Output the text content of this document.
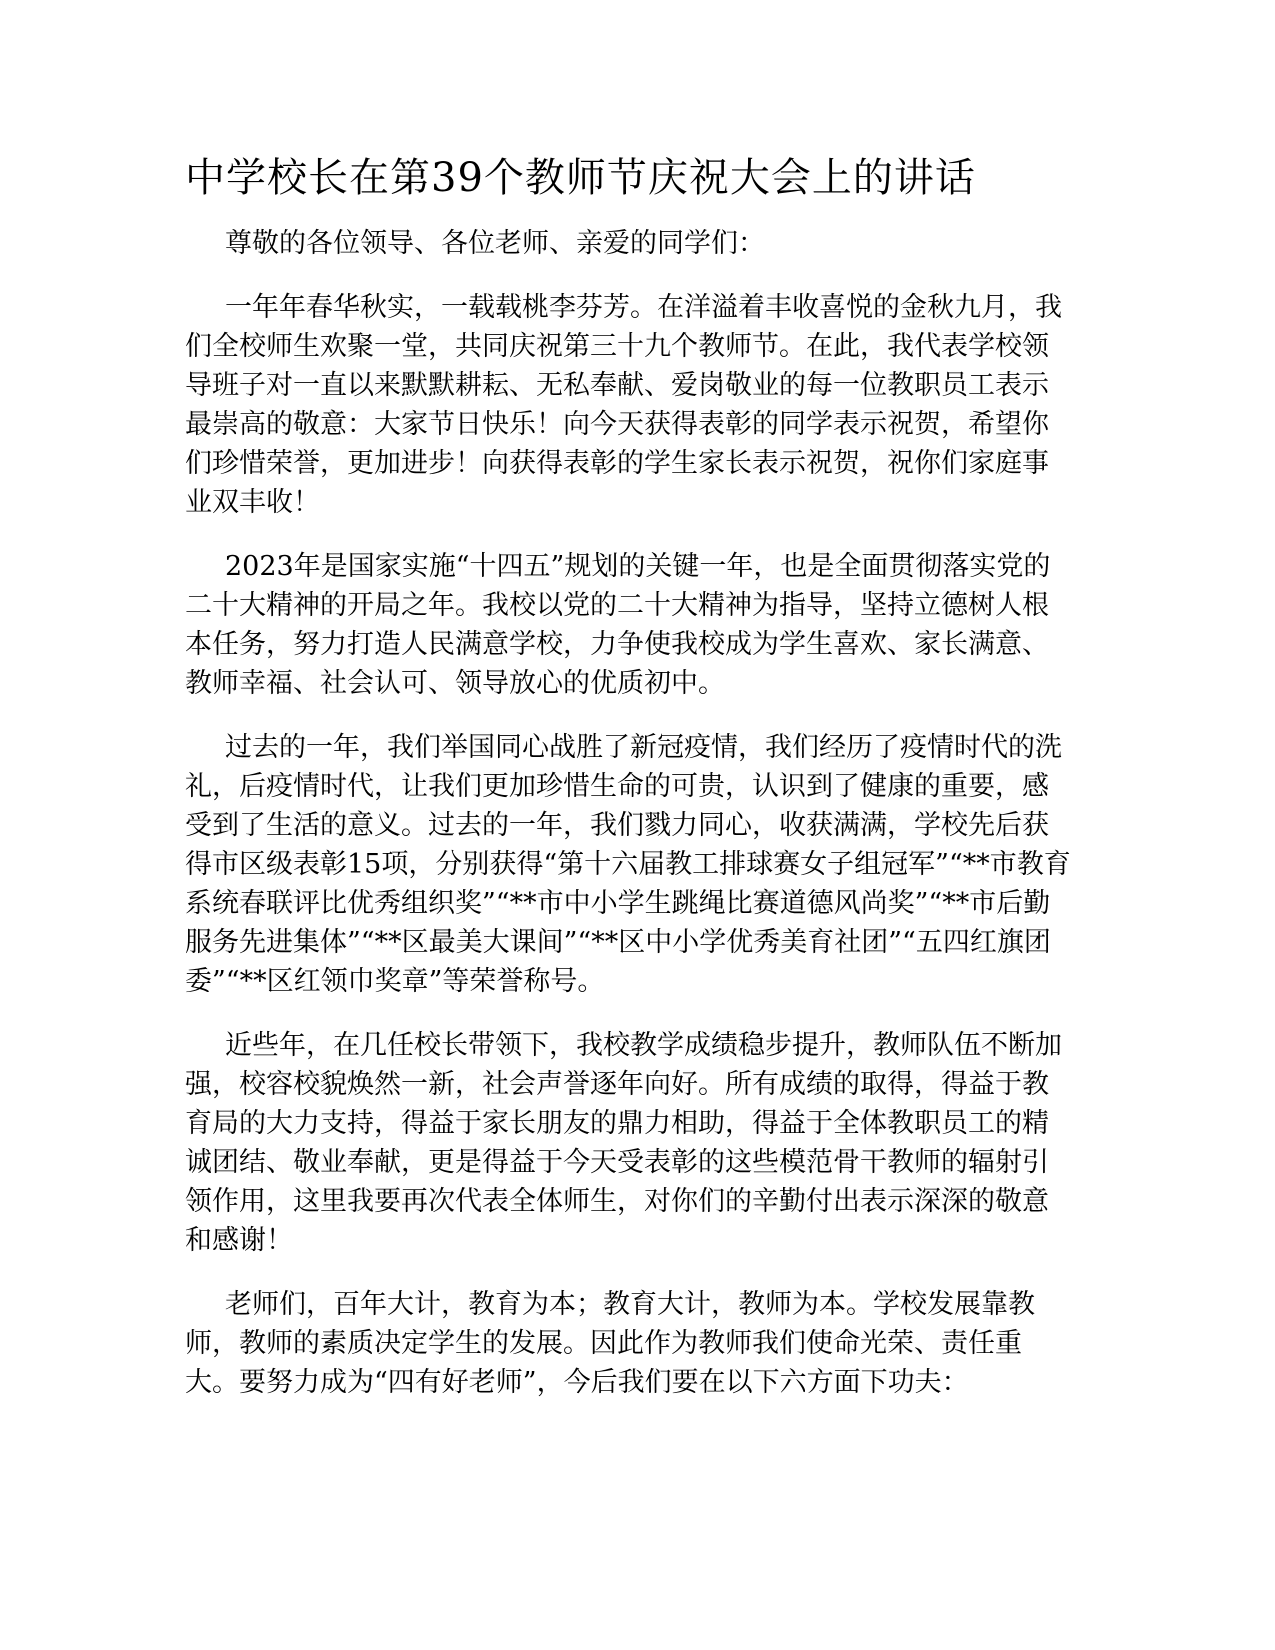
中学校长在第39个教师节庆祝大会上的讲话

尊敬的各位领导、各位老师、亲爱的同学们：

一年年春华秋实，一载载桃李芬芳。在洋溢着丰收喜悦的金秋九月，我们全校师生欢聚一堂，共同庆祝第三十九个教师节。在此，我代表学校领导班子对一直以来默默耕耘、无私奉献、爱岗敬业的每一位教职员工表示最崇高的敬意：大家节日快乐！向今天获得表彰的同学表示祝贺，希望你们珍惜荣誉，更加进步！向获得表彰的学生家长表示祝贺，祝你们家庭事业双丰收！

2023年是国家实施“十四五”规划的关键一年，也是全面贯彻落实党的二十大精神的开局之年。我校以党的二十大精神为指导，坚持立德树人根本任务，努力打造人民满意学校，力争使我校成为学生喜欢、家长满意、教师幸福、社会认可、领导放心的优质初中。

过去的一年，我们举国同心战胜了新冠疫情，我们经历了疫情时代的洗礼，后疫情时代，让我们更加珍惜生命的可贵，认识到了健康的重要，感受到了生活的意义。过去的一年，我们戮力同心，收获满满，学校先后获得市区级表彰15项，分别获得“第十六届教工排球赛女子组冠军”“**市教育系统春联评比优秀组织奖”“**市中小学生跳绳比赛道德风尚奖”“**市后勤服务先进集体”“**区最美大课间”“**区中小学优秀美育社团”“五四红旗团委”“**区红领巾奖章”等荣誉称号。

近些年，在几任校长带领下，我校教学成绩稳步提升，教师队伍不断加强，校容校貌焕然一新，社会声誉逐年向好。所有成绩的取得，得益于教育局的大力支持，得益于家长朋友的鼎力相助，得益于全体教职员工的精诚团结、敬业奉献，更是得益于今天受表彰的这些模范骨干教师的辐射引领作用，这里我要再次代表全体师生，对你们的辛勤付出表示深深的敬意和感谢！

老师们，百年大计，教育为本；教育大计，教师为本。学校发展靠教师，教师的素质决定学生的发展。因此作为教师我们使命光荣、责任重大。要努力成为“四有好老师”，今后我们要在以下六方面下功夫：
